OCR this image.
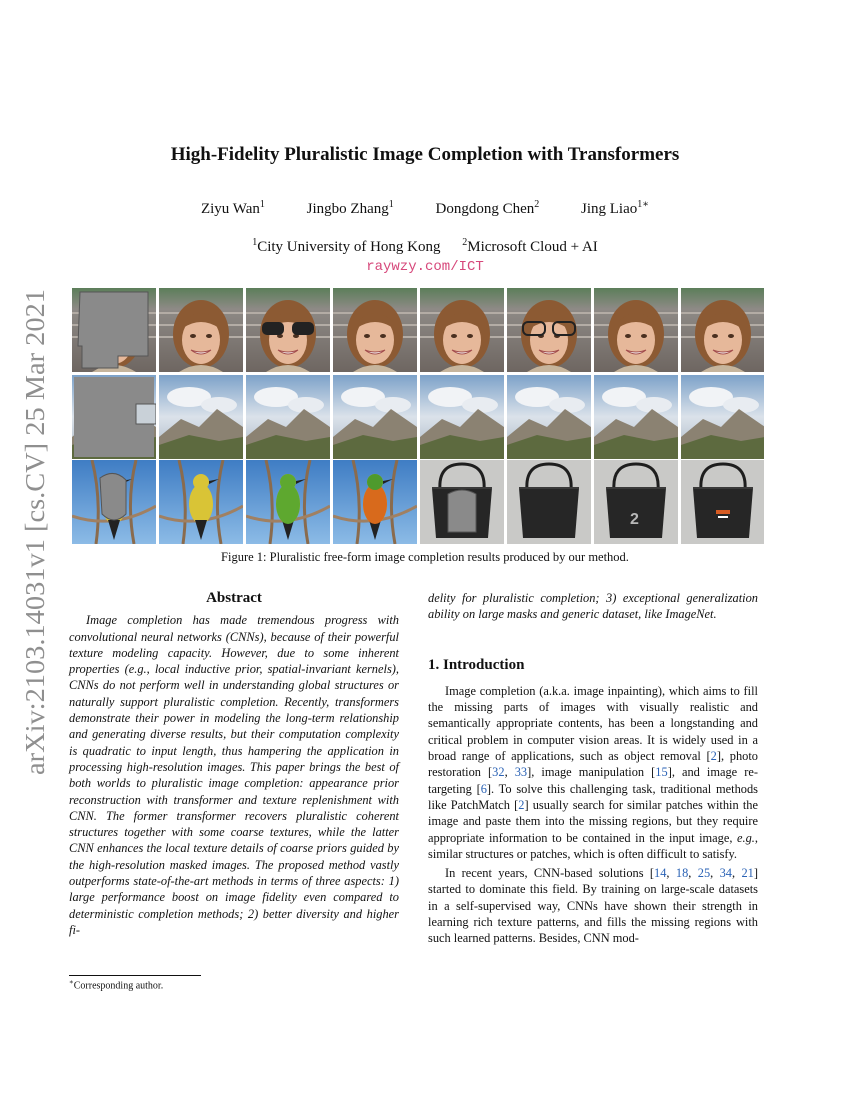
arXiv:2103.14031v1 [cs.CV] 25 Mar 2021
High-Fidelity Pluralistic Image Completion with Transformers
Ziyu Wan$^1$	Jingbo Zhang$^1$	Dongdong Chen$^2$	Jing Liao$^{1∗}$
$^1$City University of Hong Kong $^2$Microsoft Cloud + AI
raywzy.com/ICT
2
Figure 1: Pluralistic free-form image completion results produced by our method.
Abstract

Image completion has made tremendous progress with convolutional neural networks (CNNs), because of their powerful texture modeling capacity. However, due to some inherent properties (e.g., local inductive prior, spatial-invariant kernels), CNNs do not perform well in understanding global structures or naturally support pluralistic completion. Recently, transformers demonstrate their power in modeling the long-term relationship and generating diverse results, but their computation complexity is quadratic to input length, thus hampering the application in processing high-resolution images. This paper brings the best of both worlds to pluralistic image completion: appearance prior reconstruction with transformer and texture replenishment with CNN. The former transformer recovers pluralistic coherent structures together with some coarse textures, while the latter CNN enhances the local texture details of coarse priors guided by the high-resolution masked images. The proposed method vastly outperforms state-of-the-art methods in terms of three aspects: 1) large performance boost on image fidelity even compared to deterministic completion methods; 2) better diversity and higher fi-

delity for pluralistic completion; 3) exceptional generalization ability on large masks and generic dataset, like ImageNet.

1. Introduction

Image completion (a.k.a. image inpainting), which aims to fill the missing parts of images with visually realistic and semantically appropriate contents, has been a longstanding and critical problem in computer vision areas. It is widely used in a broad range of applications, such as object removal [2], photo restoration [32, 33], image manipulation [15], and image re-targeting [6]. To solve this challenging task, traditional methods like PatchMatch [2] usually search for similar patches within the image and paste them into the missing regions, but they require appropriate information to be contained in the input image, e.g., similar structures or patches, which is often difficult to satisfy.

In recent years, CNN-based solutions [14, 18, 25, 34, 21] started to dominate this field. By training on large-scale datasets in a self-supervised way, CNNs have shown their strength in learning rich texture patterns, and fills the missing regions with such learned patterns. Besides, CNN mod-

∗Corresponding author.
